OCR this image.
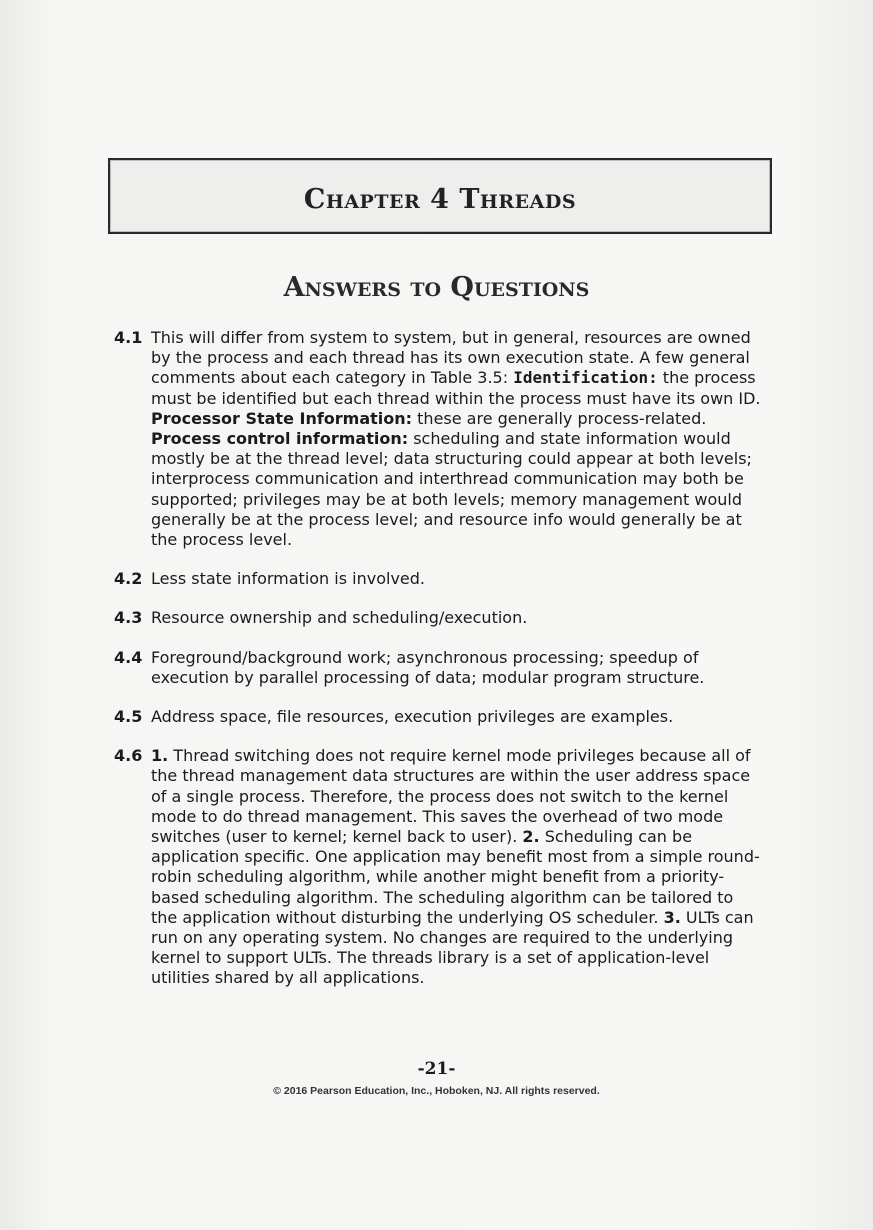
Chapter 4 Threads
Answers to Questions
4.1 This will differ from system to system, but in general, resources are owned by the process and each thread has its own execution state. A few general comments about each category in Table 3.5: Identification: the process must be identified but each thread within the process must have its own ID. Processor State Information: these are generally process-related. Process control information: scheduling and state information would mostly be at the thread level; data structuring could appear at both levels; interprocess communication and interthread communication may both be supported; privileges may be at both levels; memory management would generally be at the process level; and resource info would generally be at the process level.
4.2 Less state information is involved.
4.3 Resource ownership and scheduling/execution.
4.4 Foreground/background work; asynchronous processing; speedup of execution by parallel processing of data; modular program structure.
4.5 Address space, file resources, execution privileges are examples.
4.6 1. Thread switching does not require kernel mode privileges because all of the thread management data structures are within the user address space of a single process. Therefore, the process does not switch to the kernel mode to do thread management. This saves the overhead of two mode switches (user to kernel; kernel back to user). 2. Scheduling can be application specific. One application may benefit most from a simple round-robin scheduling algorithm, while another might benefit from a priority-based scheduling algorithm. The scheduling algorithm can be tailored to the application without disturbing the underlying OS scheduler. 3. ULTs can run on any operating system. No changes are required to the underlying kernel to support ULTs. The threads library is a set of application-level utilities shared by all applications.
-21-
© 2016 Pearson Education, Inc., Hoboken, NJ. All rights reserved.
